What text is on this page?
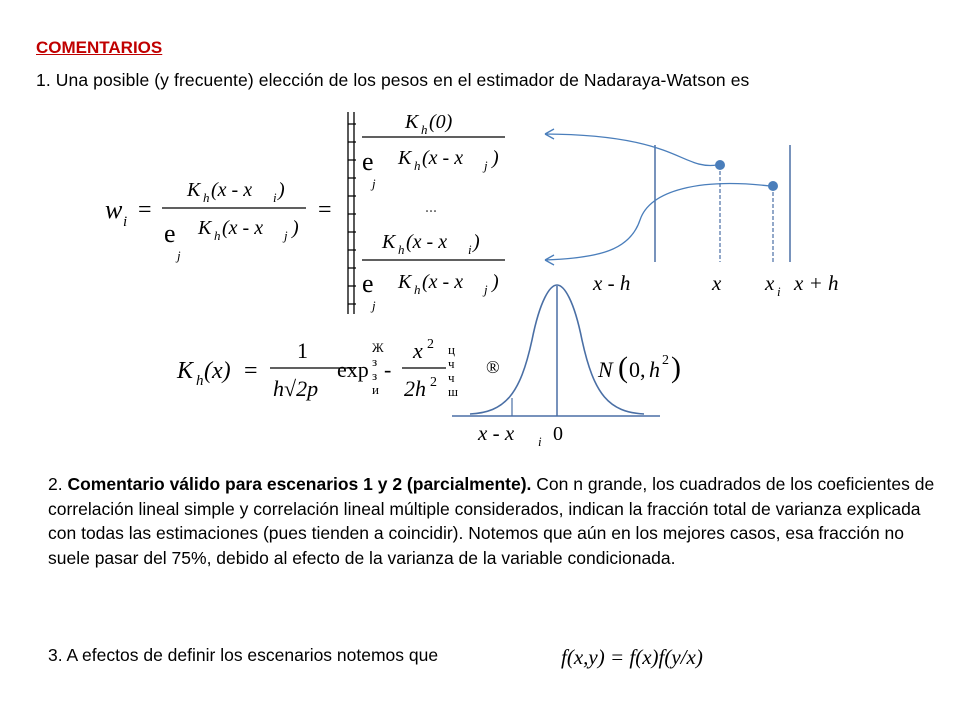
COMENTARIOS
1. Una posible (y frecuente) elección de los pesos en el estimador de Nadaraya-Watson es
w i =
K h (x - x i )
e
j
K h (x - x j )
=
K h (0)
e
j
K h (x - x j )
...
K h (x - x i )
e
j
K h (x - x j )	x - h	x x i x + h
K h (x) =
1
h√2p
exp
Ж
з
з
и
-
x 2
2h 2
ц
ч
ч
ш
®	N ( 0, h 2 )
x - x i 0
f(x,y) = f(x)f(y/x)
2. Comentario válido para escenarios 1 y 2 (parcialmente). Con n grande, los cuadrados de los coeficientes de correlación lineal simple y correlación lineal múltiple considerados, indican la fracción total de varianza explicada con todas las estimaciones (pues tienden a coincidir). Notemos que aún en los mejores casos, esa fracción no suele pasar del 75%, debido al efecto de la varianza de la variable condicionada.
3. A efectos de definir los escenarios notemos que
